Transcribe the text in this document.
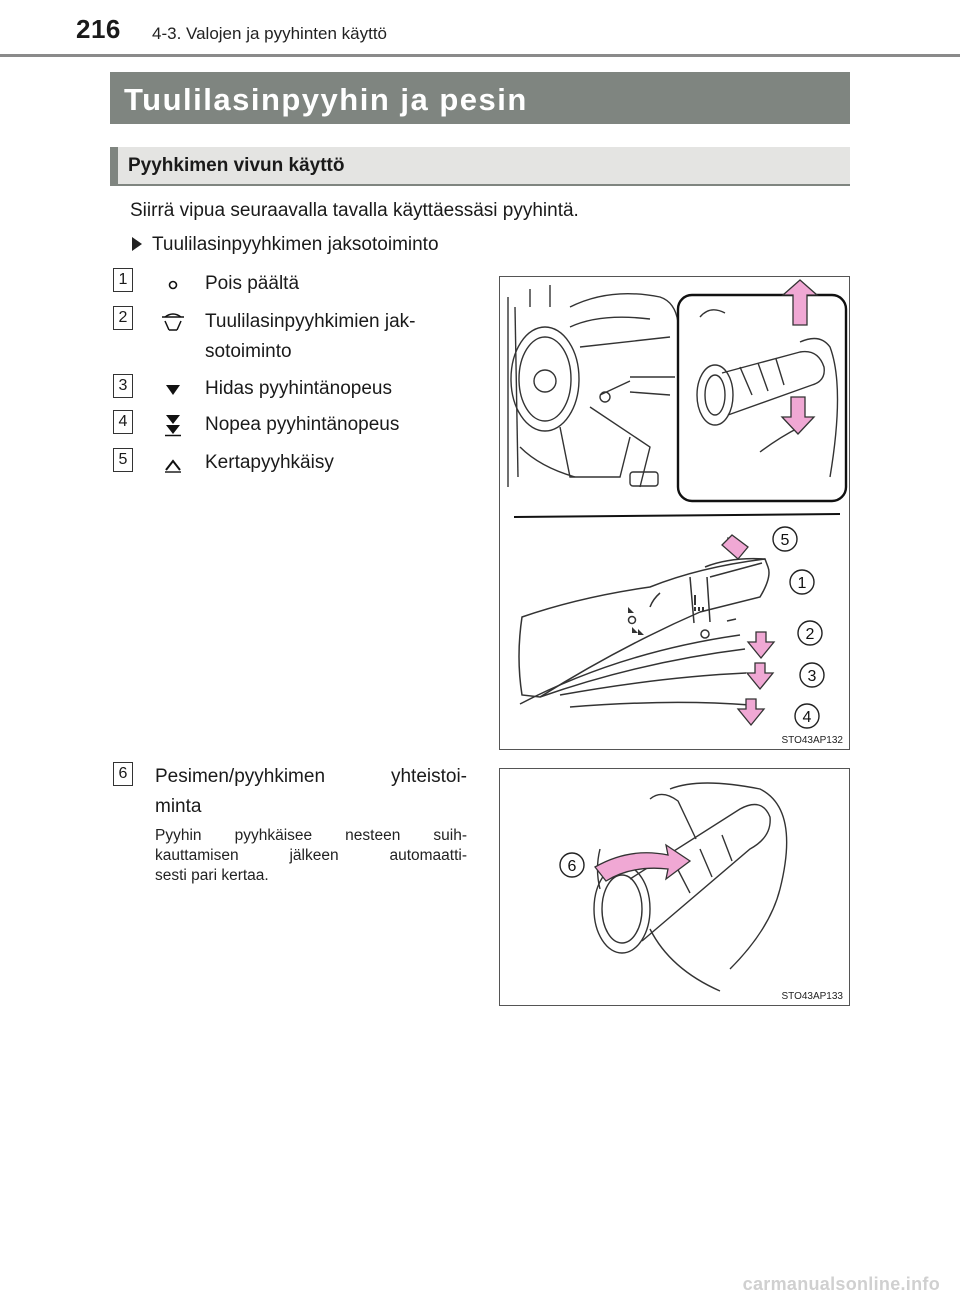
216 4-3. Valojen ja pyyhinten käyttö
Tuulilasinpyyhin ja pesin
Pyyhkimen vivun käyttö
Siirrä vipua seuraavalla tavalla käyttäessäsi pyyhintä.
Tuulilasinpyyhkimen jaksotoiminto
1	Pois päältä
2	Tuulilasinpyyhkimien jak-
sotoiminto
3	Hidas pyyhintänopeus
4	Nopea pyyhintänopeus
5	Kertapyyhkäisy
5
1
2
3
4
STO43AP132
6 Pesimen/pyyhkimen yhteistoi-
minta
Pyyhin pyyhkäisee nesteen suih-
kauttamisen jälkeen automaatti-
sesti pari kertaa.
6
STO43AP133
carmanualsonline.info
